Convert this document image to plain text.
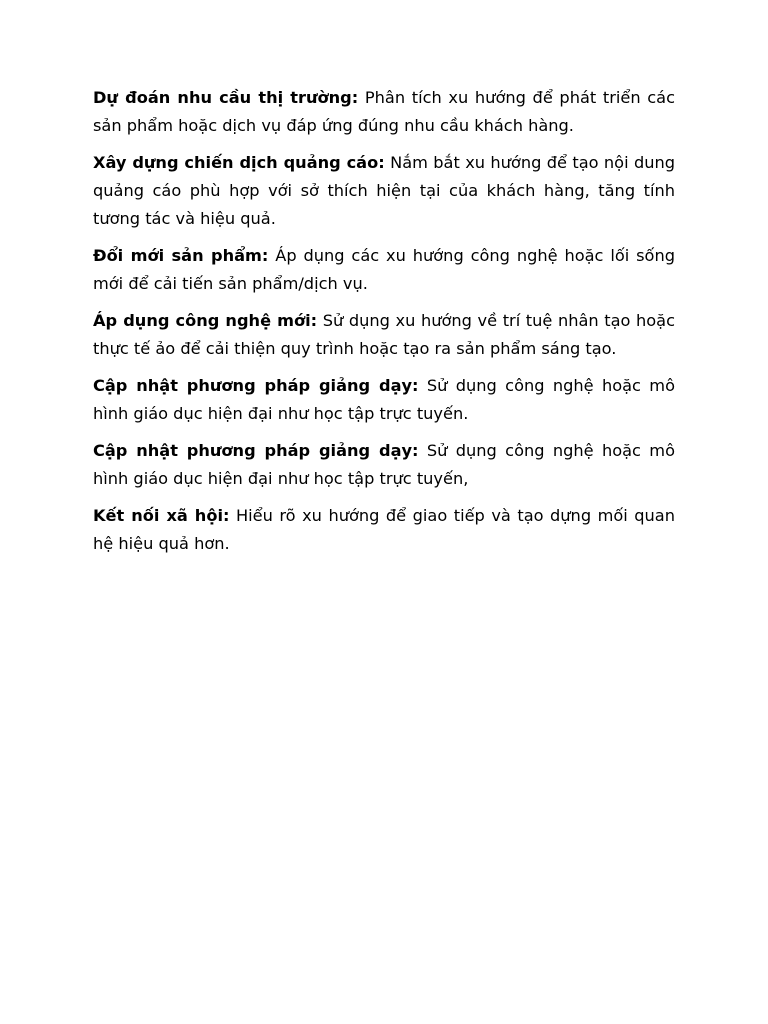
Dự đoán nhu cầu thị trường: Phân tích xu hướng để phát triển các sản phẩm hoặc dịch vụ đáp ứng đúng nhu cầu khách hàng.

Xây dựng chiến dịch quảng cáo: Nắm bắt xu hướng để tạo nội dung quảng cáo phù hợp với sở thích hiện tại của khách hàng, tăng tính tương tác và hiệu quả.

Đổi mới sản phẩm: Áp dụng các xu hướng công nghệ hoặc lối sống mới để cải tiến sản phẩm/dịch vụ.

Áp dụng công nghệ mới: Sử dụng xu hướng về trí tuệ nhân tạo hoặc thực tế ảo để cải thiện quy trình hoặc tạo ra sản phẩm sáng tạo.

Cập nhật phương pháp giảng dạy: Sử dụng công nghệ hoặc mô hình giáo dục hiện đại như học tập trực tuyến.

Cập nhật phương pháp giảng dạy: Sử dụng công nghệ hoặc mô hình giáo dục hiện đại như học tập trực tuyến,

Kết nối xã hội: Hiểu rõ xu hướng để giao tiếp và tạo dựng mối quan hệ hiệu quả hơn.
